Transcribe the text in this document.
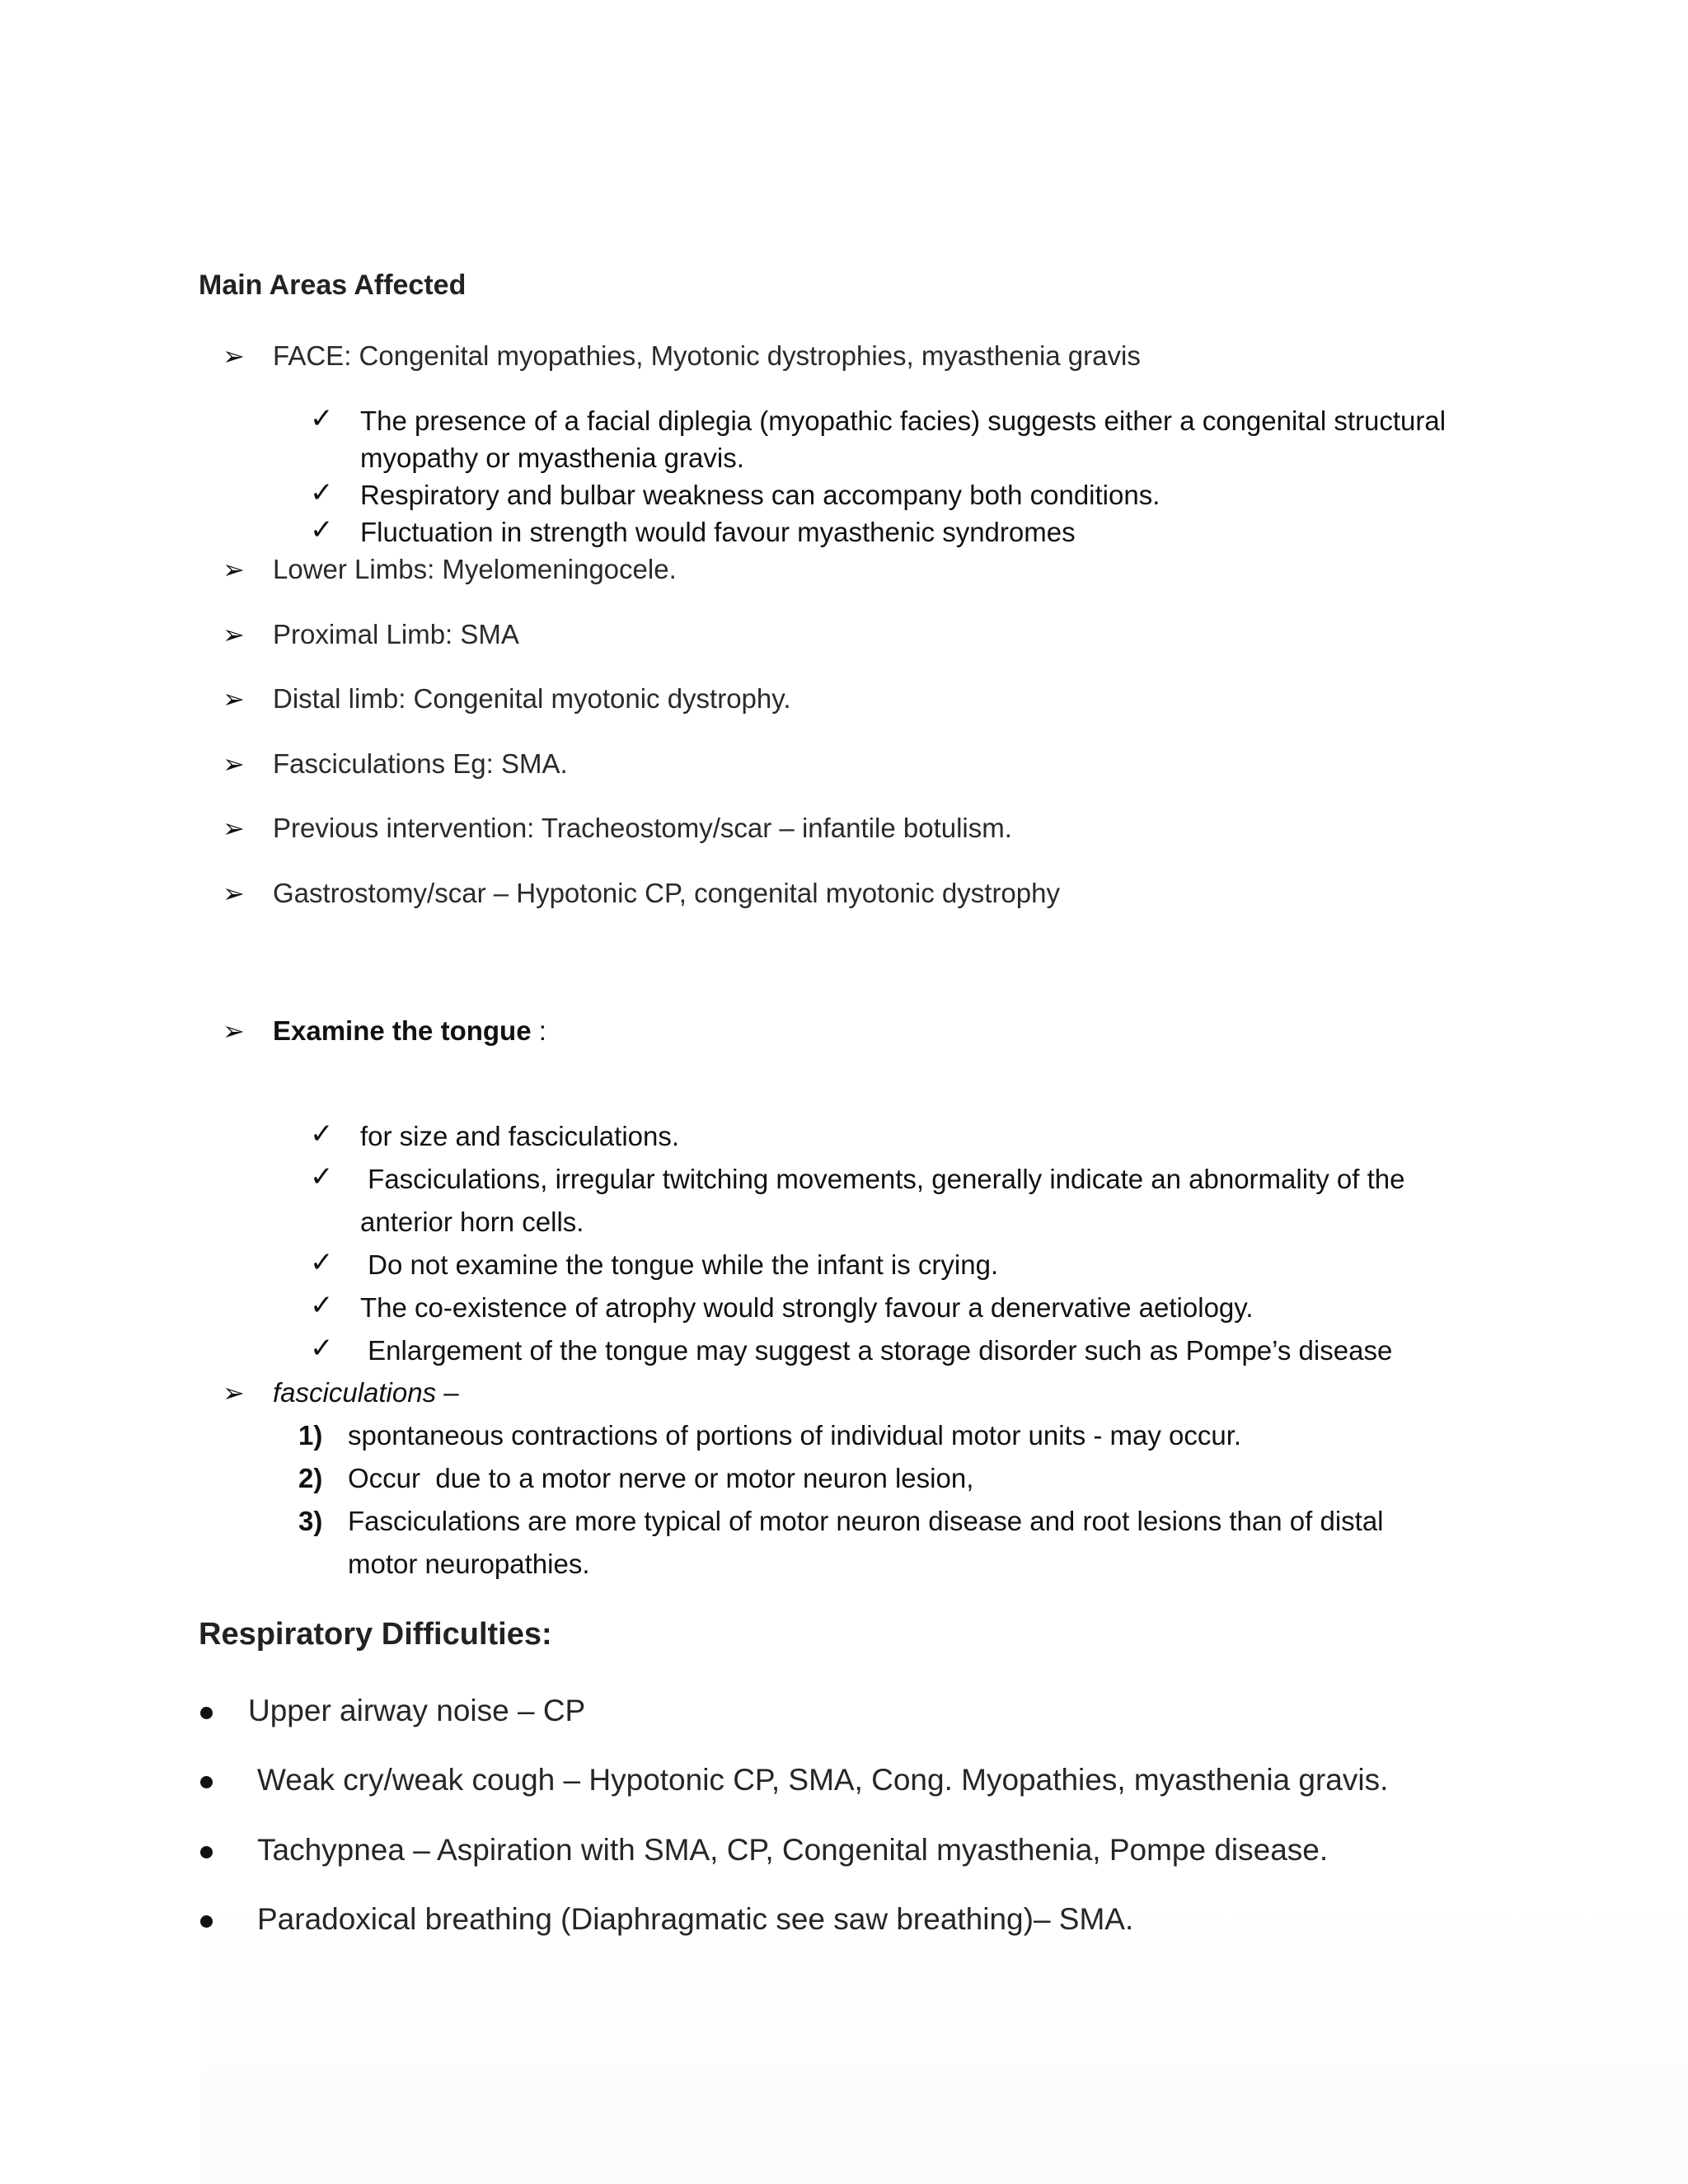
Main Areas Affected
➢ FACE: Congenital myopathies, Myotonic dystrophies, myasthenia gravis
✓ The presence of a facial diplegia (myopathic facies) suggests either a congenital structural
myopathy or myasthenia gravis.
✓ Respiratory and bulbar weakness can accompany both conditions.
✓ Fluctuation in strength would favour myasthenic syndromes
➢ Lower Limbs: Myelomeningocele.
➢ Proximal Limb: SMA
➢ Distal limb: Congenital myotonic dystrophy.
➢ Fasciculations Eg: SMA.
➢ Previous intervention: Tracheostomy/scar – infantile botulism.
➢ Gastrostomy/scar – Hypotonic CP, congenital myotonic dystrophy
➢ Examine the tongue :
✓ for size and fasciculations.
✓ Fasciculations, irregular twitching movements, generally indicate an abnormality of the
anterior horn cells.
✓ Do not examine the tongue while the infant is crying.
✓ The co-existence of atrophy would strongly favour a denervative aetiology.
✓ Enlargement of the tongue may suggest a storage disorder such as Pompe’s disease
➢ fasciculations –
1) spontaneous contractions of portions of individual motor units - may occur.
2) Occur  due to a motor nerve or motor neuron lesion,
3) Fasciculations are more typical of motor neuron disease and root lesions than of distal
motor neuropathies.
Respiratory Difficulties:
Upper airway noise – CP
Weak cry/weak cough – Hypotonic CP, SMA, Cong. Myopathies, myasthenia gravis.
Tachypnea – Aspiration with SMA, CP, Congenital myasthenia, Pompe disease.
Paradoxical breathing (Diaphragmatic see saw breathing)– SMA.
